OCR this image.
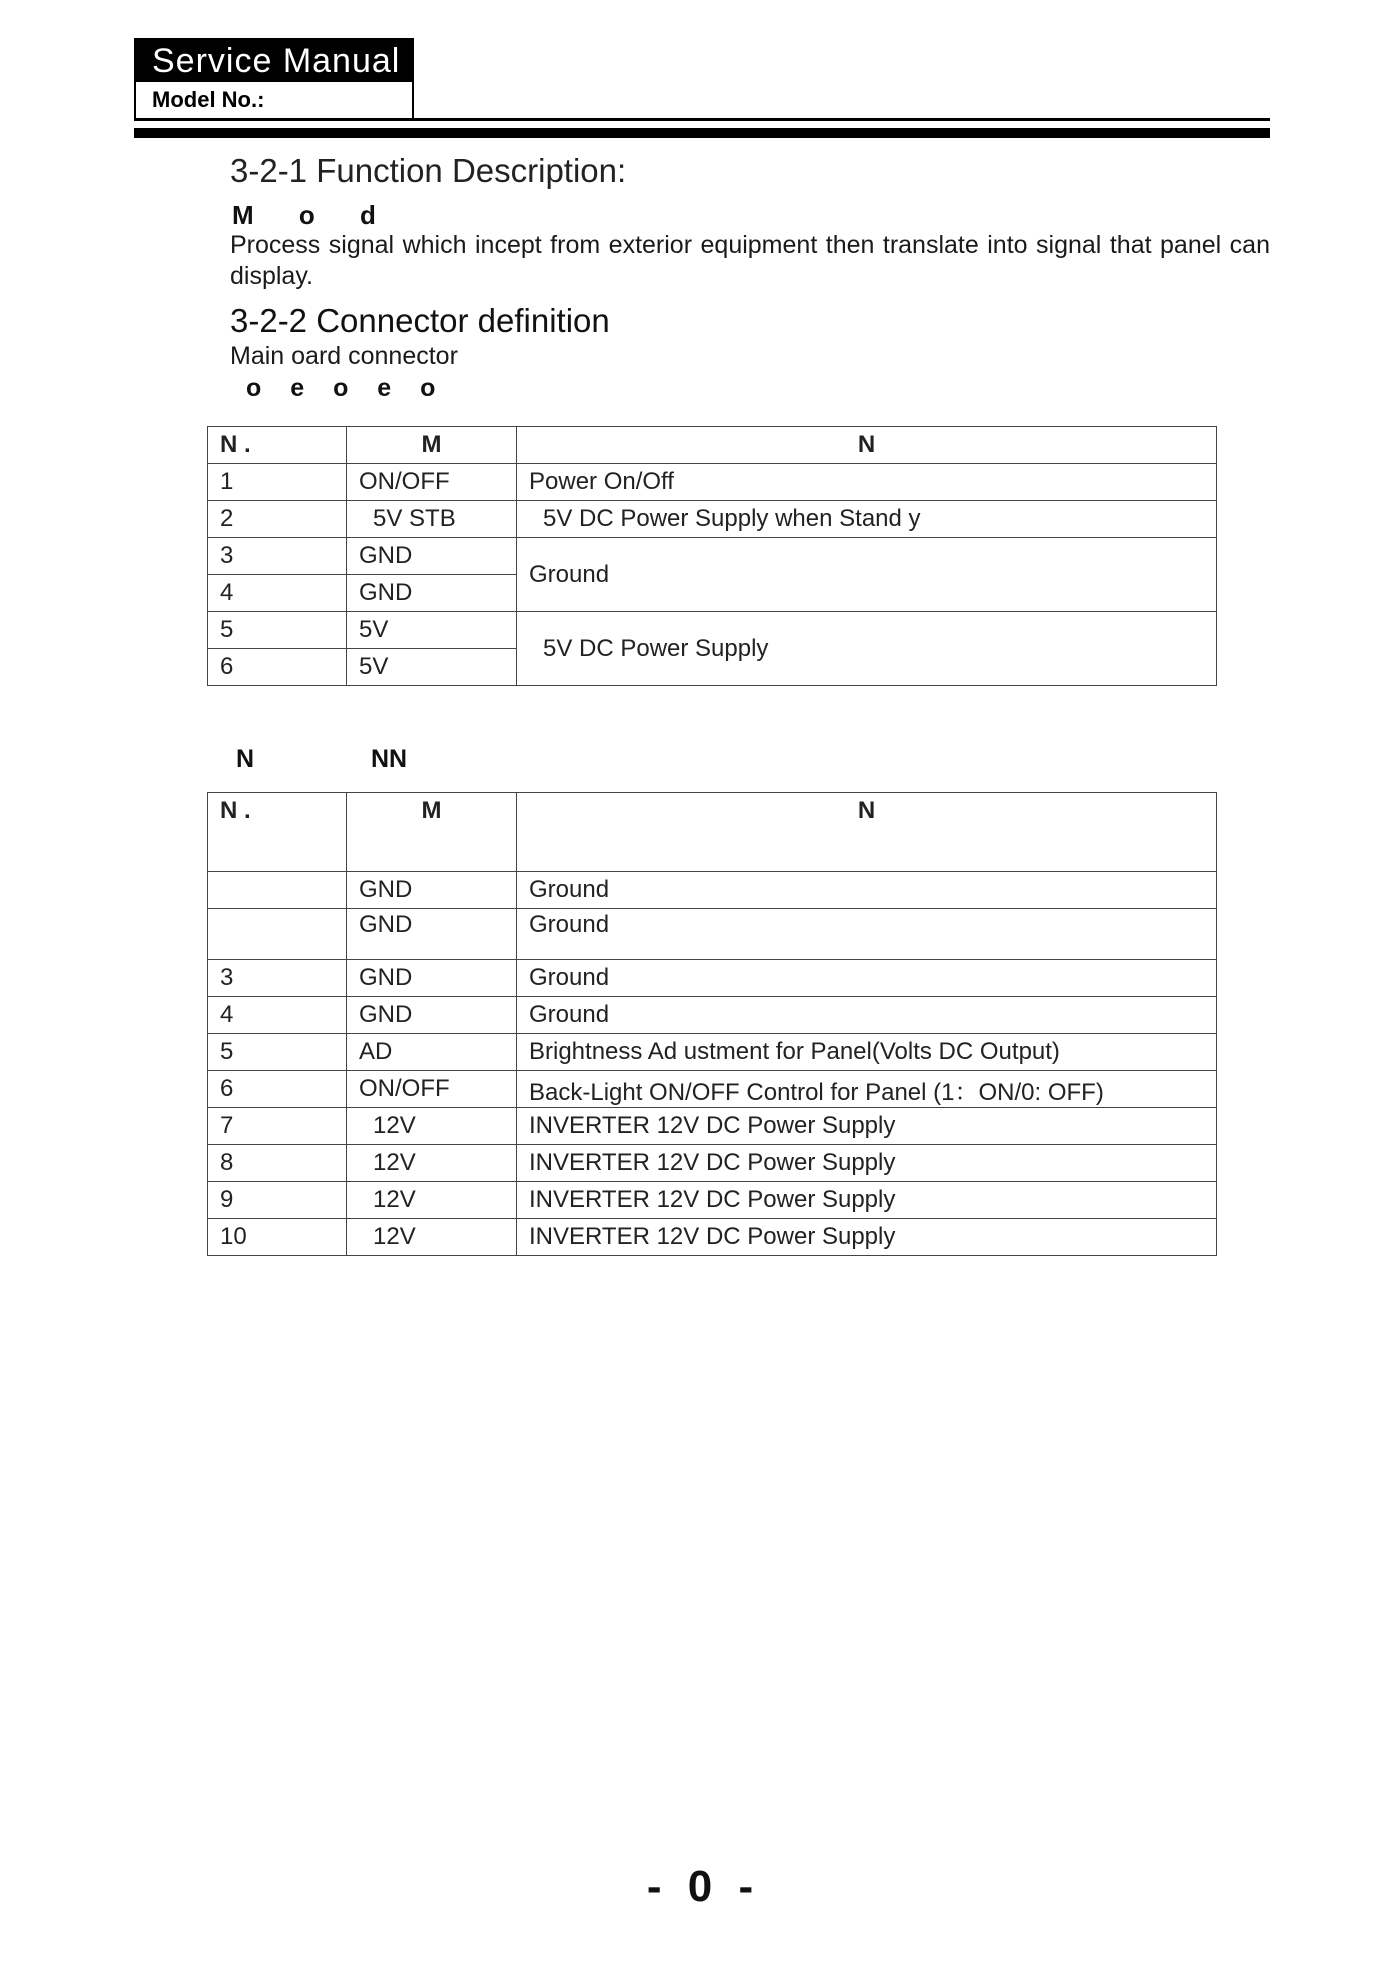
Service Manual
Model No.:
3-2-1 Function Description:
M o d
Process signal which incept from exterior equipment then translate into signal that panel can display.
3-2-2 Connector definition
Main oard connector
o e o e o
N .	M	N
1	ON/OFF	Power On/Off
2	5V STB	5V DC Power Supply when Stand y
3	GND	Ground
4	GND	
5	5V	5V DC Power Supply
6	5V	
N NN
N .	M	N
	GND	Ground
	GND	Ground
3	GND	Ground
4	GND	Ground
5	AD	Brightness Ad ustment for Panel(Volts DC Output)
6	ON/OFF	Back-Light ON/OFF Control for Panel (1：ON/0: OFF)
7	12V	INVERTER 12V DC Power Supply
8	12V	INVERTER 12V DC Power Supply
9	12V	INVERTER 12V DC Power Supply
10	12V	INVERTER 12V DC Power Supply
- 0 -
